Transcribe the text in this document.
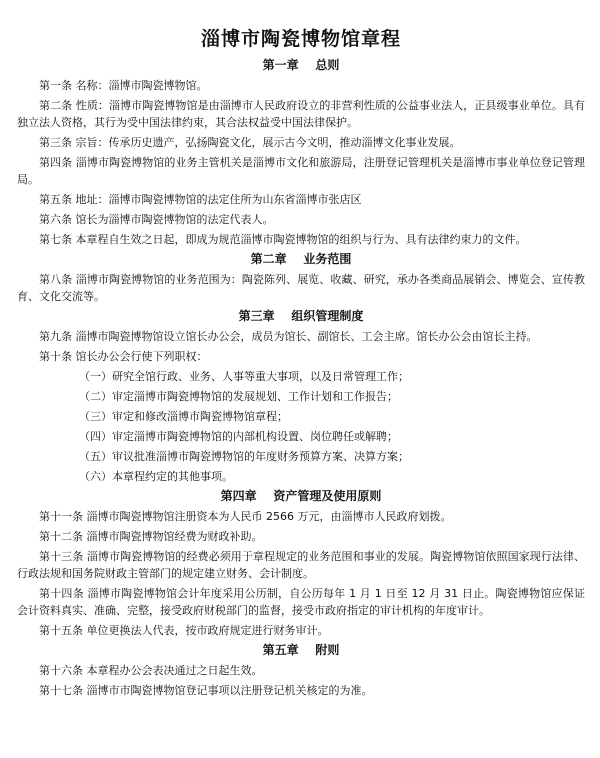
淄博市陶瓷博物馆章程
第一章    总则

第一条 名称：淄博市陶瓷博物馆。

第二条 性质：淄博市陶瓷博物馆是由淄博市人民政府设立的非营利性质的公益事业法人，正县级事业单位。具有独立法人资格，其行为受中国法律约束，其合法权益受中国法律保护。

第三条 宗旨：传承历史遗产，弘扬陶瓷文化，展示古今文明，推动淄博文化事业发展。

第四条 淄博市陶瓷博物馆的业务主管机关是淄博市文化和旅游局，注册登记管理机关是淄博市事业单位登记管理局。

第五条 地址：淄博市陶瓷博物馆的法定住所为山东省淄博市张店区

第六条 馆长为淄博市陶瓷博物馆的法定代表人。

第七条 本章程自生效之日起，即成为规范淄博市陶瓷博物馆的组织与行为、具有法律约束力的文件。

第二章    业务范围

第八条 淄博市陶瓷博物馆的业务范围为：陶瓷陈列、展览、收藏、研究，承办各类商品展销会、博览会、宣传教育、文化交流等。

第三章    组织管理制度

第九条 淄博市陶瓷博物馆设立馆长办公会，成员为馆长、副馆长、工会主席。馆长办公会由馆长主持。

第十条 馆长办公会行使下列职权：

（一）研究全馆行政、业务、人事等重大事项，以及日常管理工作；

（二）审定淄博市陶瓷博物馆的发展规划、工作计划和工作报告；

（三）审定和修改淄博市陶瓷博物馆章程；

（四）审定淄博市陶瓷博物馆的内部机构设置、岗位聘任或解聘；

（五）审议批准淄博市陶瓷博物馆的年度财务预算方案、决算方案；

（六）本章程约定的其他事项。

第四章    资产管理及使用原则

第十一条 淄博市陶瓷博物馆注册资本为人民币 2566 万元，由淄博市人民政府划拨。

第十二条 淄博市陶瓷博物馆经费为财政补助。

第十三条 淄博市陶瓷博物馆的经费必须用于章程规定的业务范围和事业的发展。陶瓷博物馆依照国家现行法律、行政法规和国务院财政主管部门的规定建立财务、会计制度。

第十四条 淄博市陶瓷博物馆会计年度采用公历制，自公历每年 1 月 1 日至 12 月 31 日止。陶瓷博物馆应保证会计资料真实、准确、完整，接受政府财税部门的监督，接受市政府指定的审计机构的年度审计。

第十五条 单位更换法人代表，按市政府规定进行财务审计。

第五章    附则

第十六条 本章程办公会表决通过之日起生效。

第十七条 淄博市市陶瓷博物馆登记事项以注册登记机关核定的为准。
